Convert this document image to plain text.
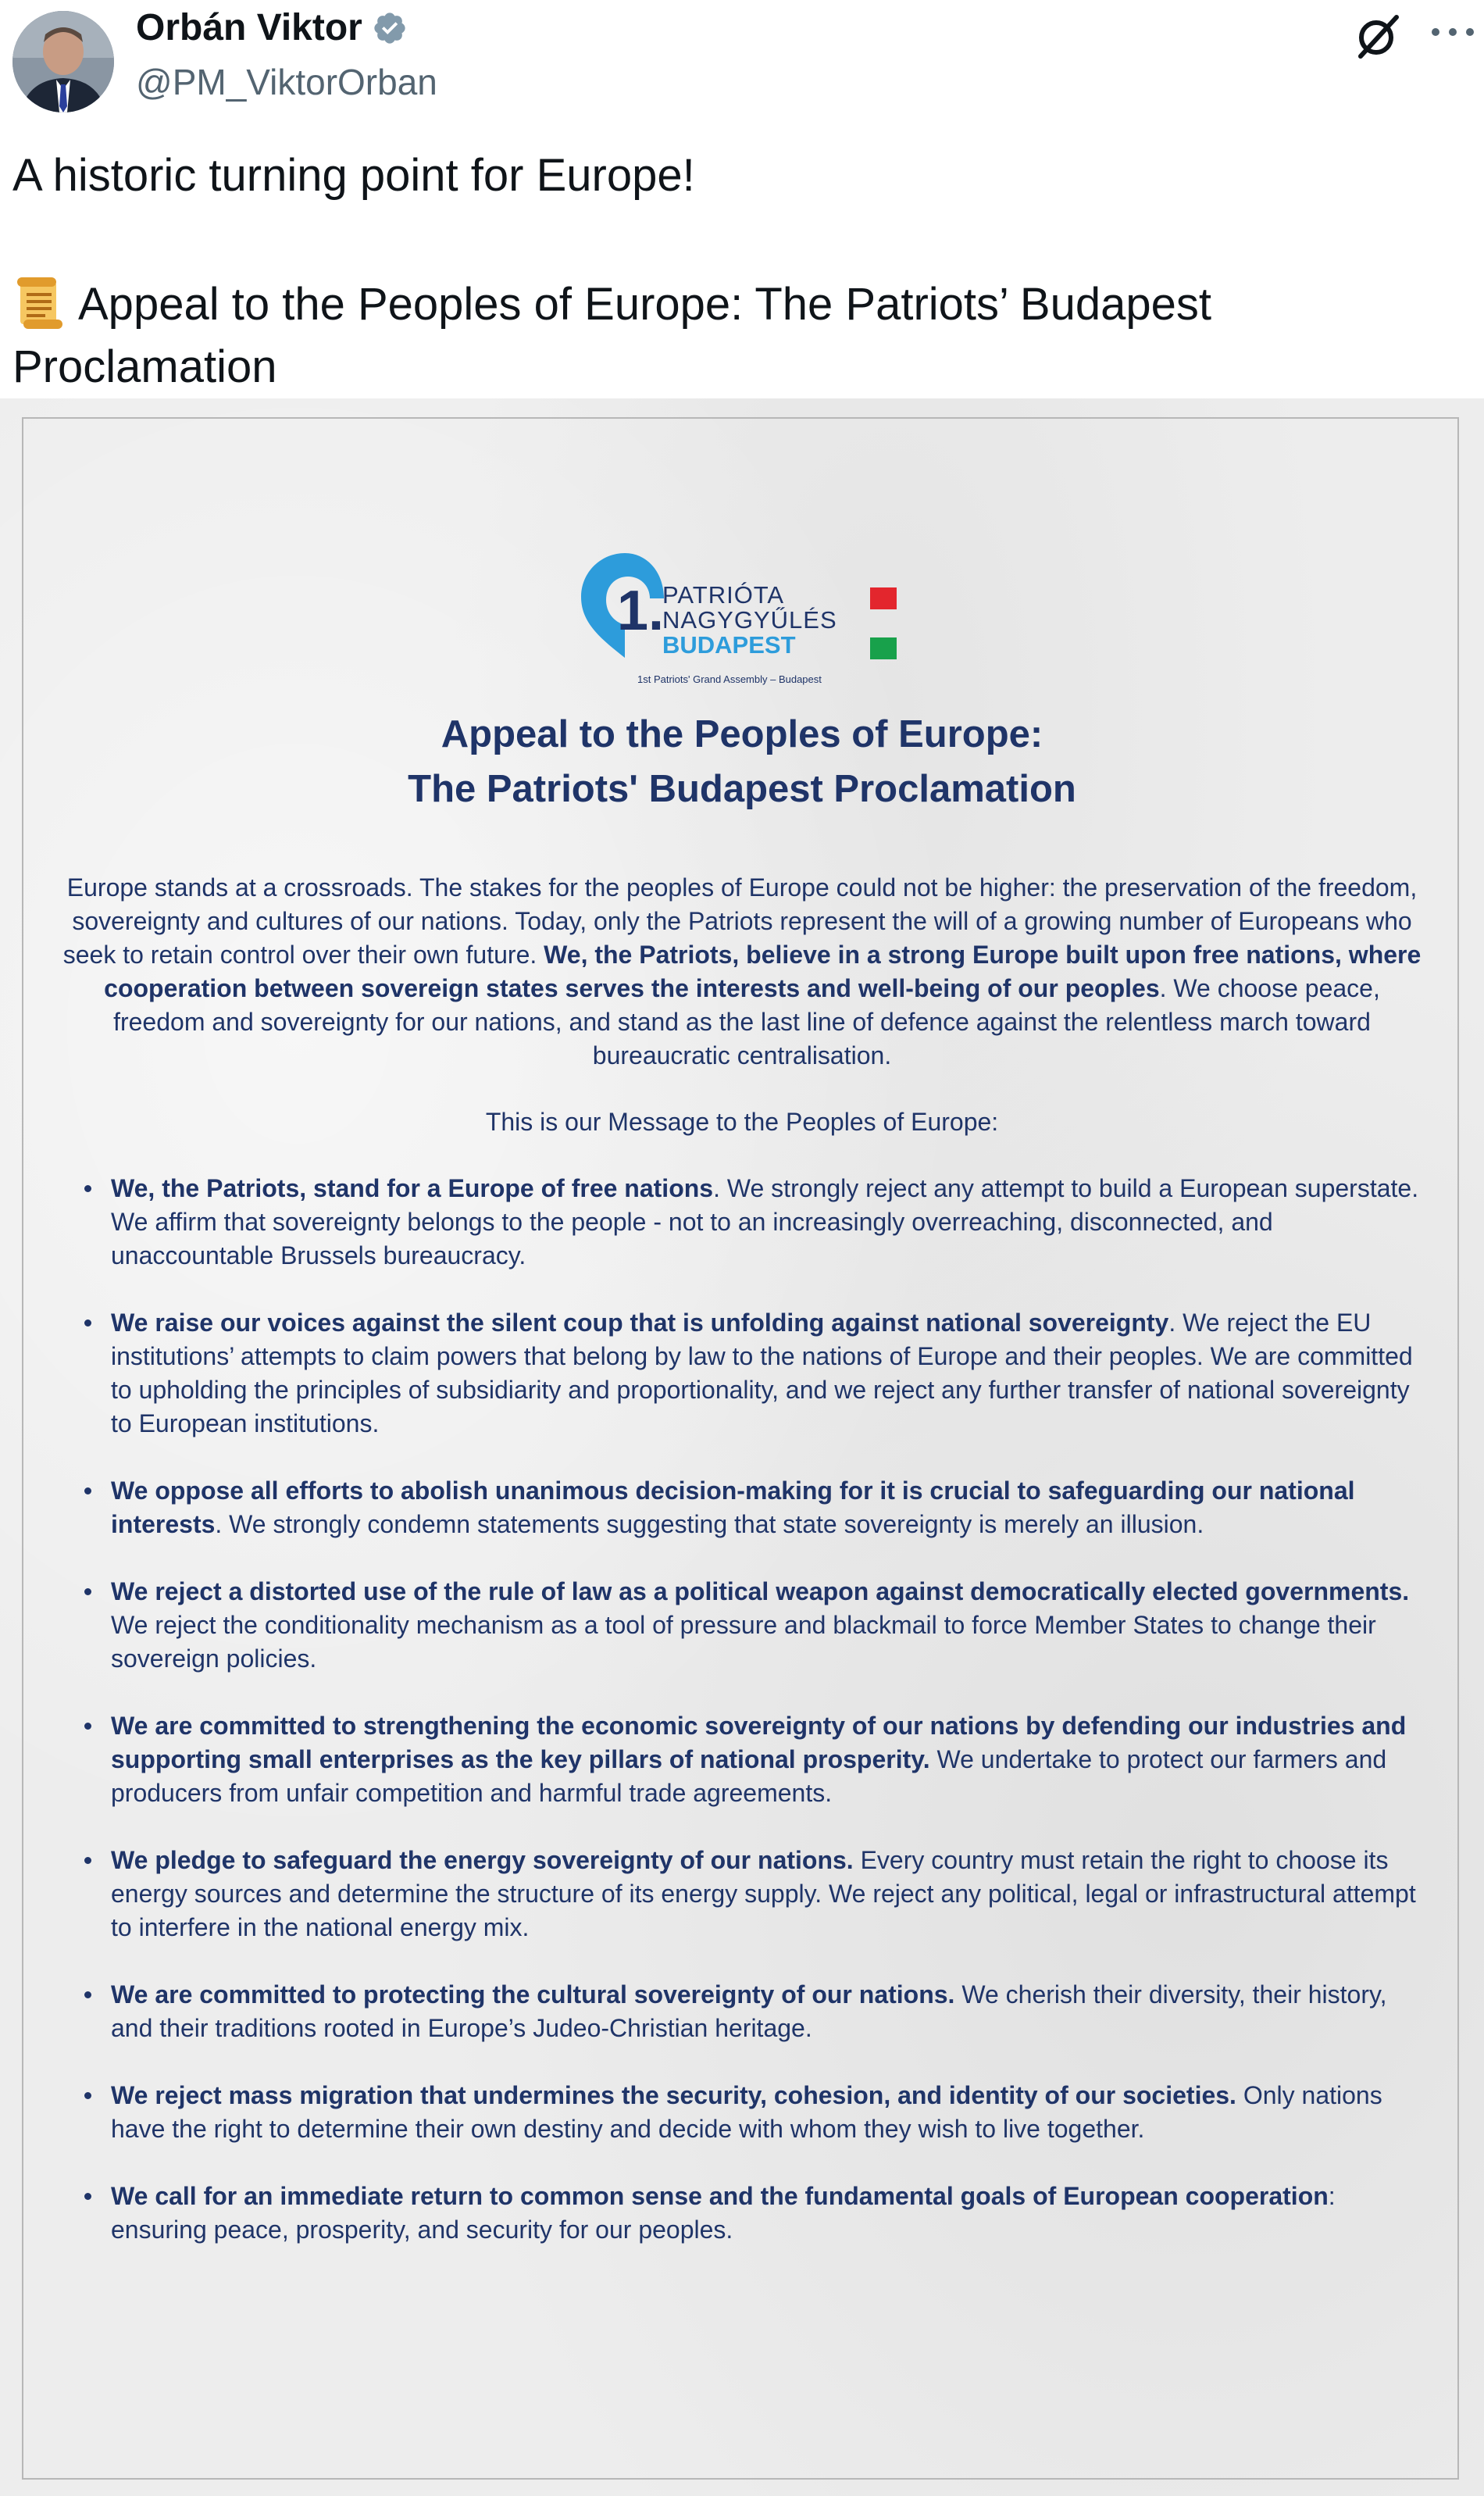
Orbán Viktor
@PM_ViktorOrban
A historic turning point for Europe!
Appeal to the Peoples of Europe: The Patriots’ Budapest Proclamation
1.
PATRIÓTA
NAGYGYŰLÉS
BUDAPEST
1st Patriots' Grand Assembly – Budapest
Appeal to the Peoples of Europe:
The Patriots' Budapest Proclamation
Europe stands at a crossroads. The stakes for the peoples of Europe could not be higher: the preservation of the freedom, sovereignty and cultures of our nations. Today, only the Patriots represent the will of a growing number of Europeans who seek to retain control over their own future. We, the Patriots, believe in a strong Europe built upon free nations, where cooperation between sovereign states serves the interests and well-being of our peoples. We choose peace, freedom and sovereignty for our nations, and stand as the last line of defence against the relentless march toward bureaucratic centralisation.
This is our Message to the Peoples of Europe:
We, the Patriots, stand for a Europe of free nations. We strongly reject any attempt to build a European superstate. We affirm that sovereignty belongs to the people - not to an increasingly overreaching, disconnected, and unaccountable Brussels bureaucracy.
We raise our voices against the silent coup that is unfolding against national sovereignty. We reject the EU institutions’ attempts to claim powers that belong by law to the nations of Europe and their peoples. We are committed to upholding the principles of subsidiarity and proportionality, and we reject any further transfer of national sovereignty to European institutions.
We oppose all efforts to abolish unanimous decision-making for it is crucial to safeguarding our national interests. We strongly condemn statements suggesting that state sovereignty is merely an illusion.
We reject a distorted use of the rule of law as a political weapon against democratically elected governments. We reject the conditionality mechanism as a tool of pressure and blackmail to force Member States to change their sovereign policies.
We are committed to strengthening the economic sovereignty of our nations by defending our industries and supporting small enterprises as the key pillars of national prosperity. We undertake to protect our farmers and producers from unfair competition and harmful trade agreements.
We pledge to safeguard the energy sovereignty of our nations. Every country must retain the right to choose its energy sources and determine the structure of its energy supply. We reject any political, legal or infrastructural attempt to interfere in the national energy mix.
We are committed to protecting the cultural sovereignty of our nations. We cherish their diversity, their history, and their traditions rooted in Europe’s Judeo-Christian heritage.
We reject mass migration that undermines the security, cohesion, and identity of our societies. Only nations have the right to determine their own destiny and decide with whom they wish to live together.
We call for an immediate return to common sense and the fundamental goals of European cooperation: ensuring peace, prosperity, and security for our peoples.
